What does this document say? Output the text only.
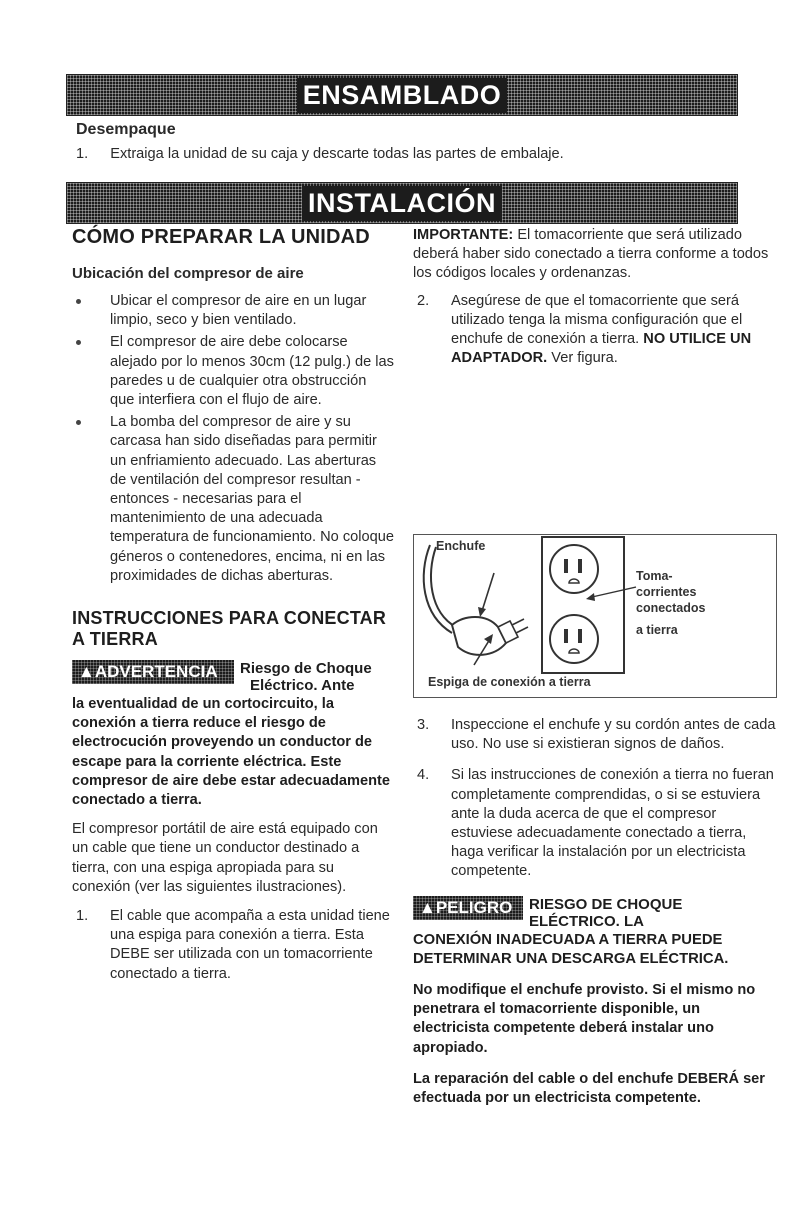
ENSAMBLADO
Desempaque
1. Extraiga la unidad de su caja y descarte todas las partes de embalaje.
INSTALACIÓN
CÓMO PREPARAR LA UNIDAD
Ubicación del compresor de aire
Ubicar el compresor de aire en un lugar limpio, seco y bien ventilado.
El compresor de aire debe colocarse alejado por lo menos 30cm (12 pulg.) de las paredes u de cualquier otra obstrucción que interfiera con el flujo de aire.
La bomba del compresor de aire y su carcasa han sido diseñadas para permitir un enfriamiento adecuado. Las aberturas de ventilación del compresor resultan - entonces - necesarias para el mantenimiento de una adecuada temperatura de funcionamiento. No coloque géneros o contenedores, encima, ni en las proximidades de dichas aberturas.
INSTRUCCIONES PARA CONECTAR
A TIERRA
▲ADVERTENCIA	Riesgo de Choque
Eléctrico. Ante
la eventualidad de un cortocircuito, la conexión a tierra reduce el riesgo de electrocución proveyendo un conductor de escape para la corriente eléctrica. Este compresor de aire debe estar adecuadamente conectado a tierra.
El compresor portátil de aire está equipado con un cable que tiene un conductor destinado a tierra, con una espiga apropiada para su conexión (ver las siguientes ilustraciones).
1. El cable que acompaña a esta unidad tiene una espiga para conexión a tierra. Esta DEBE ser utilizada con un tomacorriente conectado a tierra.
IMPORTANTE: El tomacorriente que será utilizado deberá haber sido conectado a tierra conforme a todos los códigos locales y ordenanzas.
2. Asegúrese de que el tomacorriente que será utilizado tenga la misma configuración que el enchufe de conexión a tierra. NO UTILICE UN ADAPTADOR. Ver figura.
Enchufe
Toma-
corrientes
conectados
a tierra
Espiga de conexión a tierra
3. Inspeccione el enchufe y su cordón antes de cada uso. No use si existieran signos de daños.
4. Si las instrucciones de conexión a tierra no fueran completamente comprendidas, o si se estuviera ante la duda acerca de que el compresor estuviese adecuadamente conectado a tierra, haga verificar la instalación por un electricista competente.
▲PELIGRO	RIESGO DE CHOQUE
ELÉCTRICO. LA
CONEXIÓN INADECUADA A TIERRA PUEDE DETERMINAR UNA DESCARGA ELÉCTRICA.
No modifique el enchufe provisto. Si el mismo no penetrara el tomacorriente disponible, un electricista competente deberá instalar uno apropiado.
La reparación del cable o del enchufe DEBERÁ ser efectuada por un electricista competente.
